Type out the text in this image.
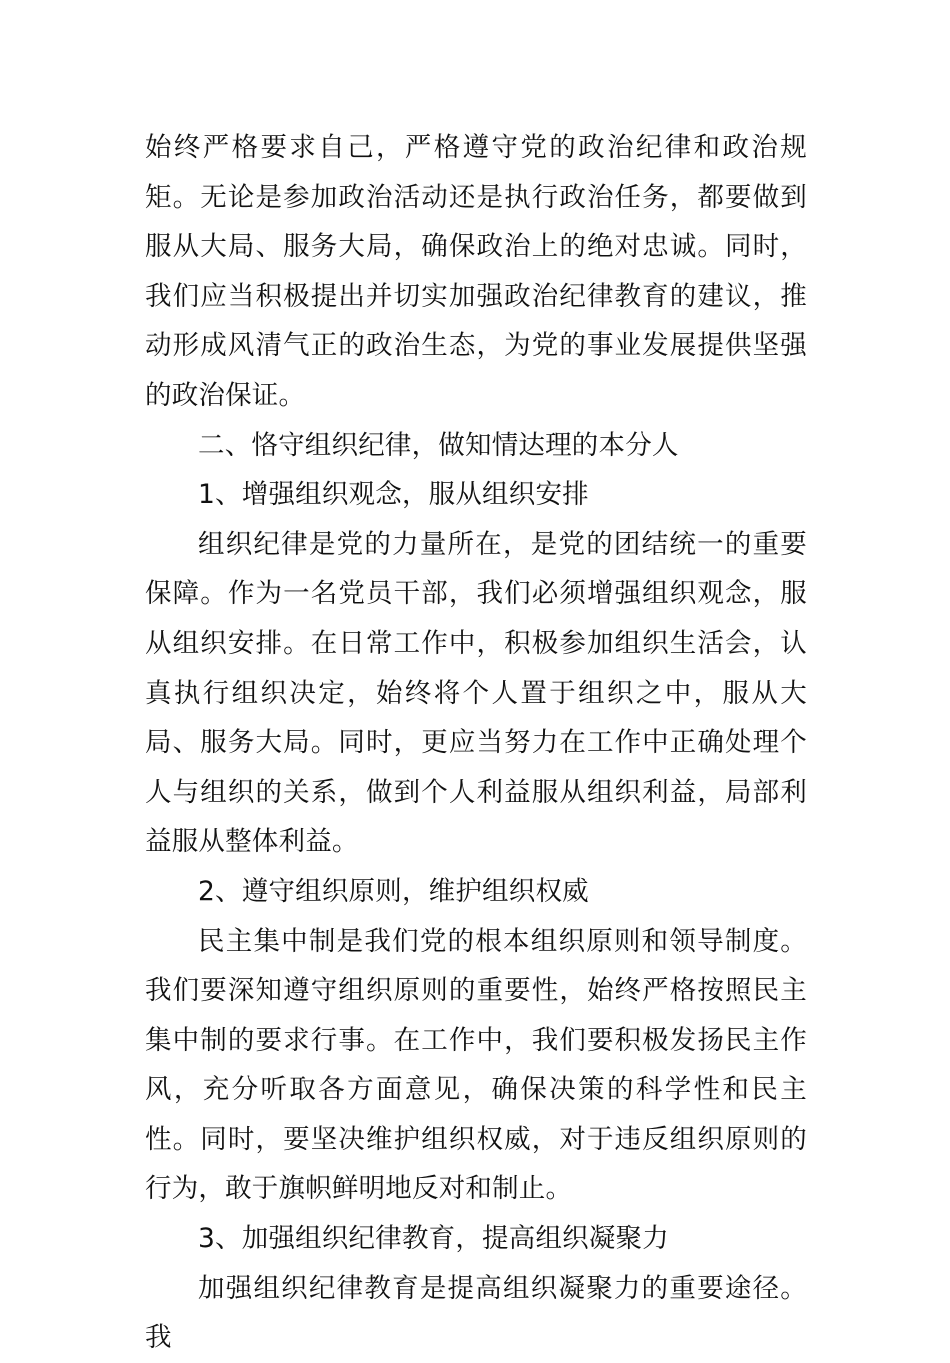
始终严格要求自己，严格遵守党的政治纪律和政治规矩。无论是参加政治活动还是执行政治任务，都要做到服从大局、服务大局，确保政治上的绝对忠诚。同时，我们应当积极提出并切实加强政治纪律教育的建议，推动形成风清气正的政治生态，为党的事业发展提供坚强的政治保证。

二、恪守组织纪律，做知情达理的本分人

1、增强组织观念，服从组织安排

组织纪律是党的力量所在，是党的团结统一的重要保障。作为一名党员干部，我们必须增强组织观念，服从组织安排。在日常工作中，积极参加组织生活会，认真执行组织决定，始终将个人置于组织之中，服从大局、服务大局。同时，更应当努力在工作中正确处理个人与组织的关系，做到个人利益服从组织利益，局部利益服从整体利益。

2、遵守组织原则，维护组织权威

民主集中制是我们党的根本组织原则和领导制度。我们要深知遵守组织原则的重要性，始终严格按照民主集中制的要求行事。在工作中，我们要积极发扬民主作风，充分听取各方面意见，确保决策的科学性和民主性。同时，要坚决维护组织权威，对于违反组织原则的行为，敢于旗帜鲜明地反对和制止。

3、加强组织纪律教育，提高组织凝聚力

加强组织纪律教育是提高组织凝聚力的重要途径。我
